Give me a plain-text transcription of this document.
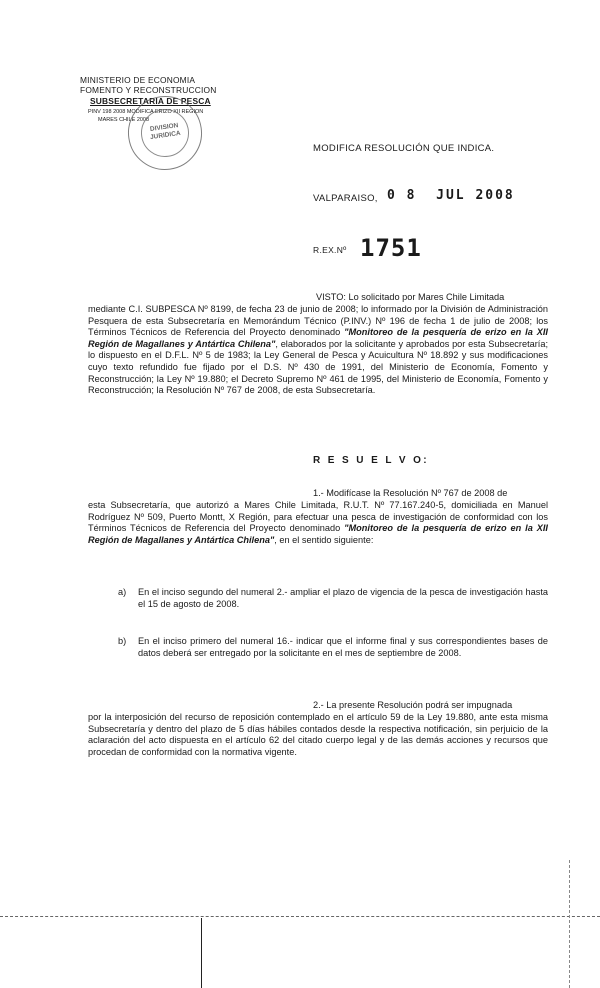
MINISTERIO DE ECONOMIA
FOMENTO Y RECONSTRUCCION
SUBSECRETARIA DE PESCA
PINV 198 2008 MODIFICA ERIZO XII REGION
MARES CHILE 2008
DIVISION
JURIDICA
MODIFICA RESOLUCIÓN QUE INDICA.
VALPARAISO, 0 8  JUL 2008
R.EX.Nº 1751
VISTO: Lo solicitado por Mares Chile Limitada
mediante C.I. SUBPESCA Nº 8199, de fecha 23 de junio de 2008; lo informado por la División de Administración Pesquera de esta Subsecretaría en Memorándum Técnico (P.INV.) Nº 196 de fecha 1 de julio de 2008; los Términos Técnicos de Referencia del Proyecto denominado "Monitoreo de la pesquería de erizo en la XII Región de Magallanes y Antártica Chilena", elaborados por la solicitante y aprobados por esta Subsecretaría; lo dispuesto en el D.F.L. Nº 5 de 1983; la Ley General de Pesca y Acuicultura Nº 18.892 y sus modificaciones cuyo texto refundido fue fijado por el D.S. Nº 430 de 1991, del Ministerio de Economía, Fomento y Reconstrucción; la Ley Nº 19.880; el Decreto Supremo Nº 461 de 1995, del Ministerio de Economía, Fomento y Reconstrucción; la Resolución Nº 767 de 2008, de esta Subsecretaría.
R E S U E L V O:
1.- Modifícase la Resolución Nº 767 de 2008 de
esta Subsecretaría, que autorizó a Mares Chile Limitada, R.U.T. Nº 77.167.240-5, domiciliada en Manuel Rodríguez Nº 509, Puerto Montt, X Región, para efectuar una pesca de investigación de conformidad con los Términos Técnicos de Referencia del Proyecto denominado "Monitoreo de la pesquería de erizo en la XII Región de Magallanes y Antártica Chilena", en el sentido siguiente:
a) En el inciso segundo del numeral 2.- ampliar el plazo de vigencia de la pesca de investigación hasta el 15 de agosto de 2008.
b) En el inciso primero del numeral 16.- indicar que el informe final y sus correspondientes bases de datos deberá ser entregado por la solicitante en el mes de septiembre de 2008.
2.- La presente Resolución podrá ser impugnada
por la interposición del recurso de reposición contemplado en el artículo 59 de la Ley 19.880, ante esta misma Subsecretaría y dentro del plazo de 5 días hábiles contados desde la respectiva notificación, sin perjuicio de la aclaración del acto dispuesta en el artículo 62 del citado cuerpo legal y de las demás acciones y recursos que procedan de conformidad con la normativa vigente.
